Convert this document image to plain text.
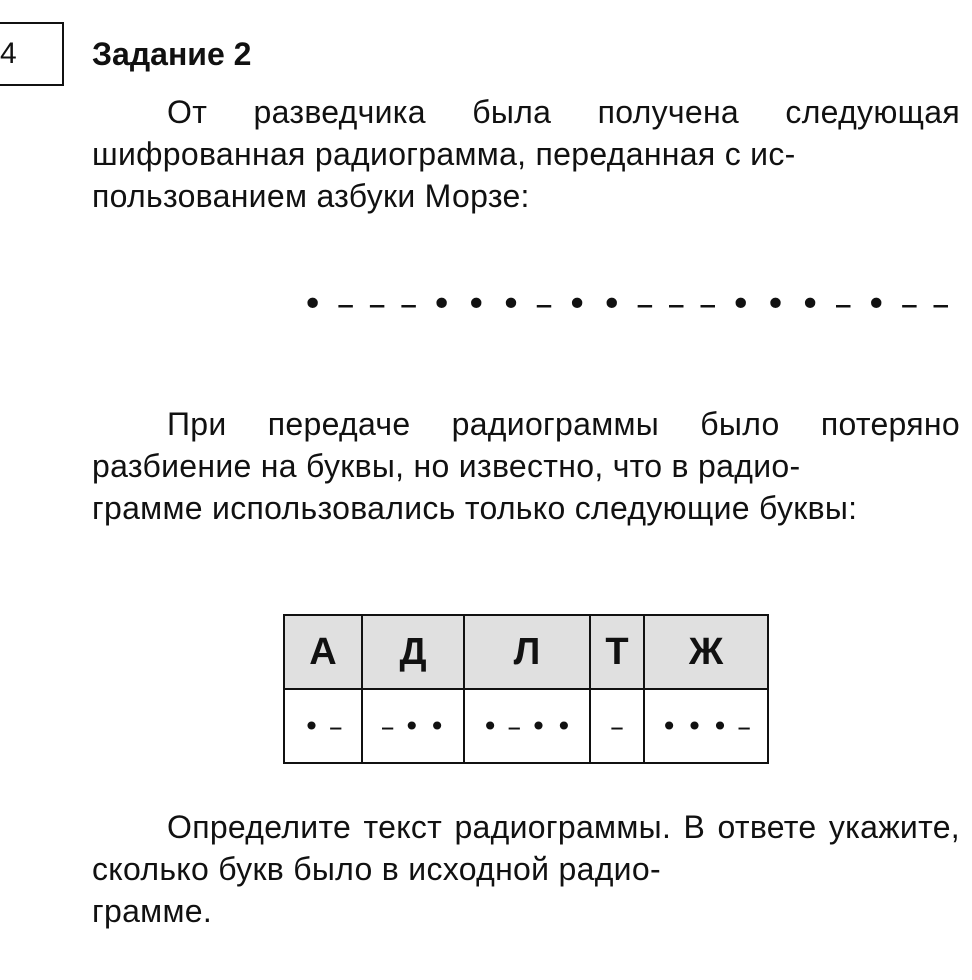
4	Задание 2

От разведчика была получена следующая шифрованная радиограмма, переданная с ис-
пользованием азбуки Морзе:

• – – – • • • – • • – – – • • • – • – –

При передаче радиограммы было потеряно разбиение на буквы, но известно, что в радио-
грамме использовались только следующие буквы:

А	Д	Л	Т	Ж
• –	– • •	• – • •	–	• • • –

Определите текст радиограммы. В ответе укажите, сколько букв было в исходной радио-
грамме.
